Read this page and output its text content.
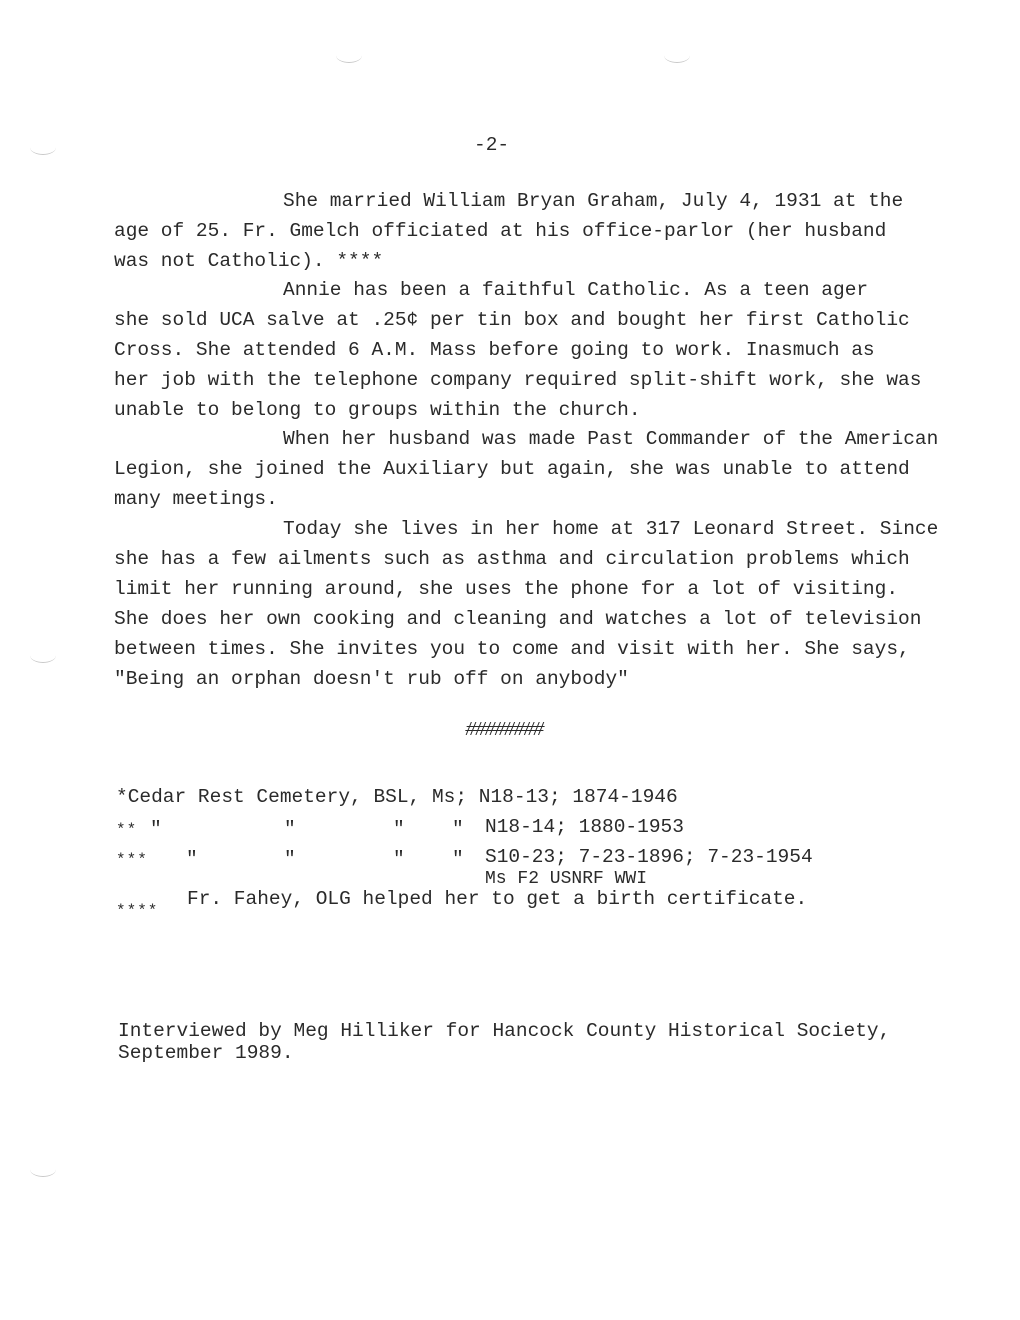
-2-
She married William Bryan Graham, July 4, 1931 at the
age of 25. Fr. Gmelch officiated at his office-parlor (her husband
was not Catholic). ****
Annie has been a faithful Catholic. As a teen ager
she sold UCA salve at .25¢ per tin box and bought her first Catholic
Cross. She attended 6 A.M. Mass before going to work. Inasmuch as
her job with the telephone company required split-shift work, she was
unable to belong to groups within the church.
When her husband was made Past Commander of the American
Legion, she joined the Auxiliary but again, she was unable to attend
many meetings.
Today she lives in her home at 317 Leonard Street. Since
she has a few ailments such as asthma and circulation problems which
limit her running around, she uses the phone for a lot of visiting.
She does her own cooking and cleaning and watches a lot of television
between times. She invites you to come and visit with her. She says,
"Being an orphan doesn't rub off on anybody"
########
*Cedar Rest Cemetery, BSL, Ms; N18-13; 1874-1946
** "	"	" " N18-14; 1880-1953
*** "	"	" " S10-23; 7-23-1896; 7-23-1954
Ms F2 USNRF WWI
****
Fr. Fahey, OLG helped her to get a birth certificate.
Interviewed by Meg Hilliker for Hancock County Historical Society,
September 1989.
